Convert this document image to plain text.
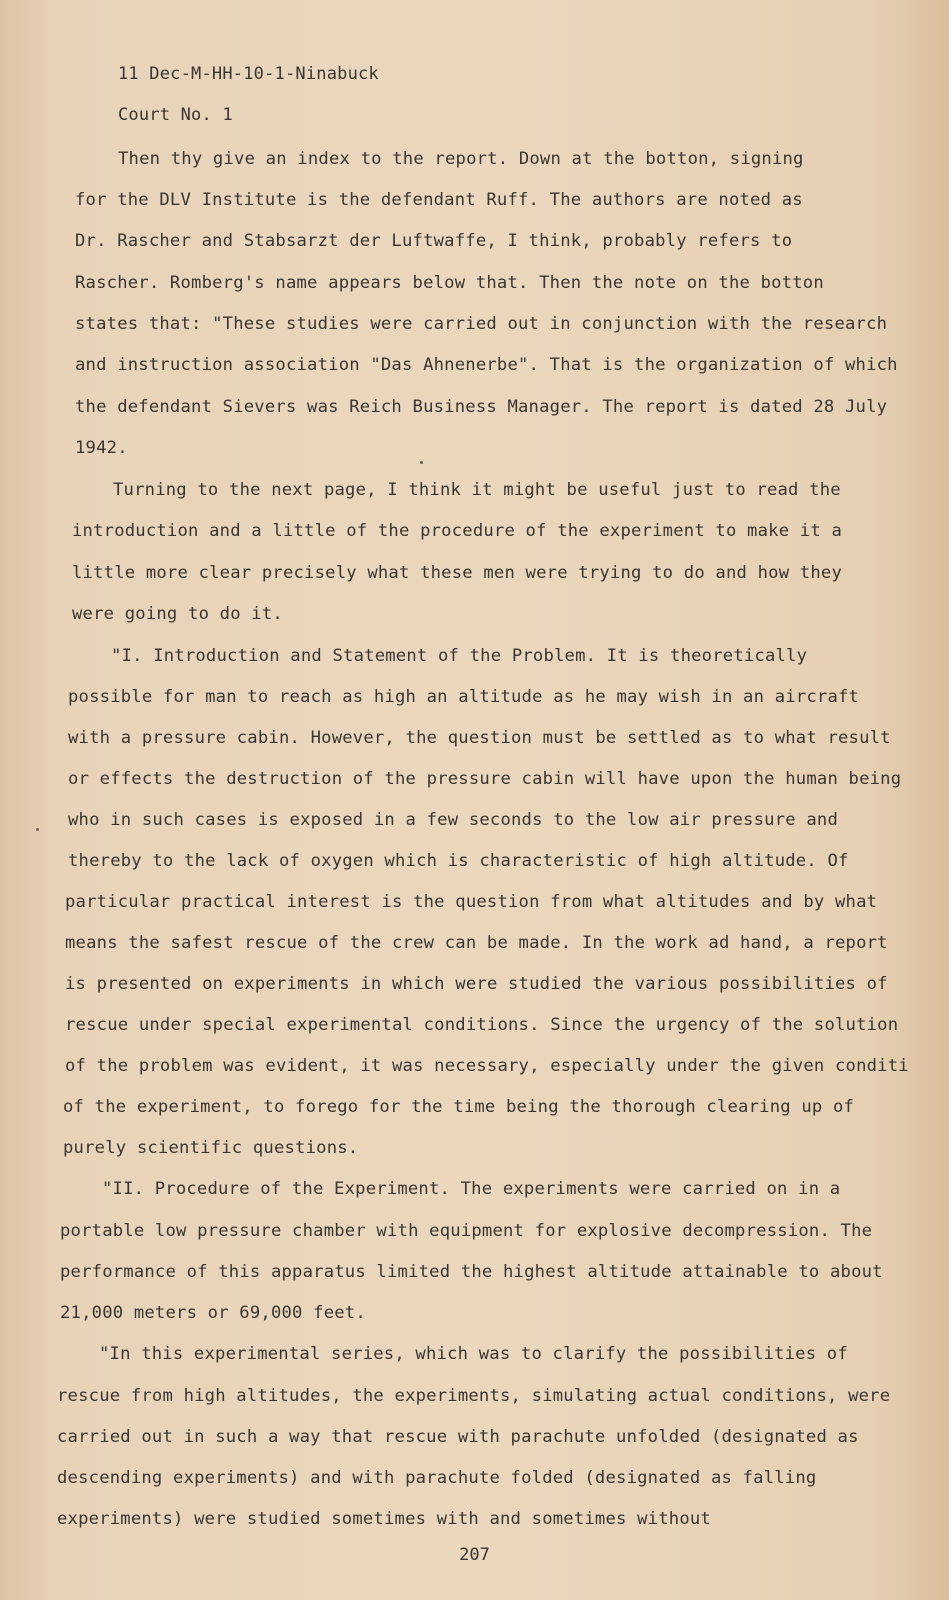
11 Dec-M-HH-10-1-Ninabuck
Court No. 1
Then thy give an index to the report. Down at the botton, signing
for the DLV Institute is the defendant Ruff. The authors are noted as
Dr. Rascher and Stabsarzt der Luftwaffe, I think, probably refers to
Rascher. Romberg's name appears below that. Then the note on the botton
states that: "These studies were carried out in conjunction with the research
and instruction association "Das Ahnenerbe". That is the organization of which
the defendant Sievers was Reich Business Manager. The report is dated 28 July
1942.
Turning to the next page, I think it might be useful just to read the
introduction and a little of the procedure of the experiment to make it a
little more clear precisely what these men were trying to do and how they
were going to do it.
"I. Introduction and Statement of the Problem. It is theoretically
possible for man to reach as high an altitude as he may wish in an aircraft
with a pressure cabin. However, the question must be settled as to what result
or effects the destruction of the pressure cabin will have upon the human being
who in such cases is exposed in a few seconds to the low air pressure and
thereby to the lack of oxygen which is characteristic of high altitude. Of
particular practical interest is the question from what altitudes and by what
means the safest rescue of the crew can be made. In the work ad hand, a report
is presented on experiments in which were studied the various possibilities of
rescue under special experimental conditions. Since the urgency of the solution
of the problem was evident, it was necessary, especially under the given conditi
of the experiment, to forego for the time being the thorough clearing up of
purely scientific questions.
"II. Procedure of the Experiment. The experiments were carried on in a
portable low pressure chamber with equipment for explosive decompression. The
performance of this apparatus limited the highest altitude attainable to about
21,000 meters or 69,000 feet.
"In this experimental series, which was to clarify the possibilities of
rescue from high altitudes, the experiments, simulating actual conditions, were
carried out in such a way that rescue with parachute unfolded (designated as
descending experiments) and with parachute folded (designated as falling
experiments) were studied sometimes with and sometimes without
207
